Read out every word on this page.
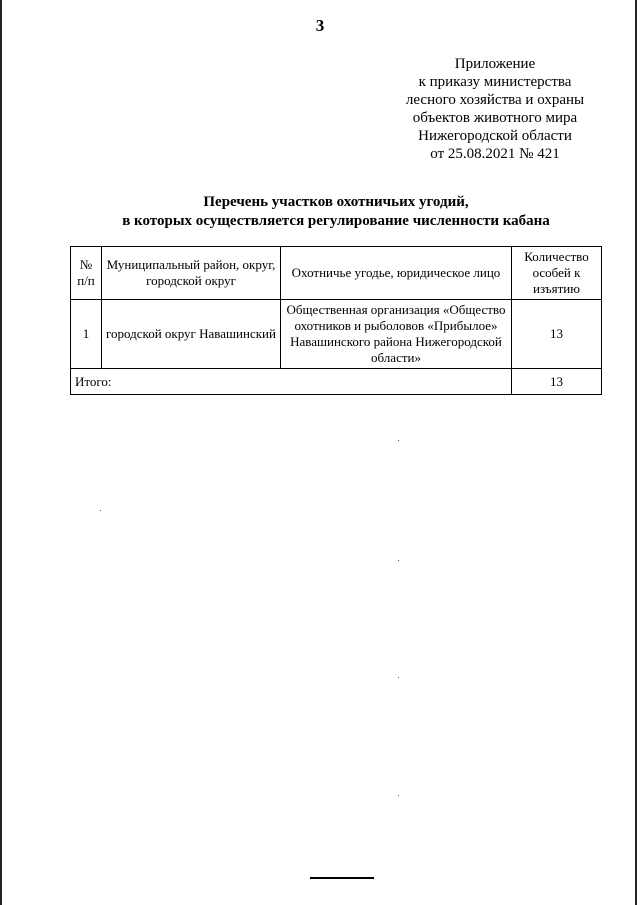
3
Приложение
к приказу министерства
лесного хозяйства и охраны
объектов животного мира
Нижегородской области
от 25.08.2021 № 421
Перечень участков охотничьих угодий,
в которых осуществляется регулирование численности кабана
№ п/п	Муниципальный район, округ, городской округ	Охотничье угодье, юридическое лицо	Количество особей к изъятию
1	городской округ Навашинский	Общественная организация «Общество охотников и рыболовов «Прибылое» Навашинского района Нижегородской области»	13
Итого:			13
